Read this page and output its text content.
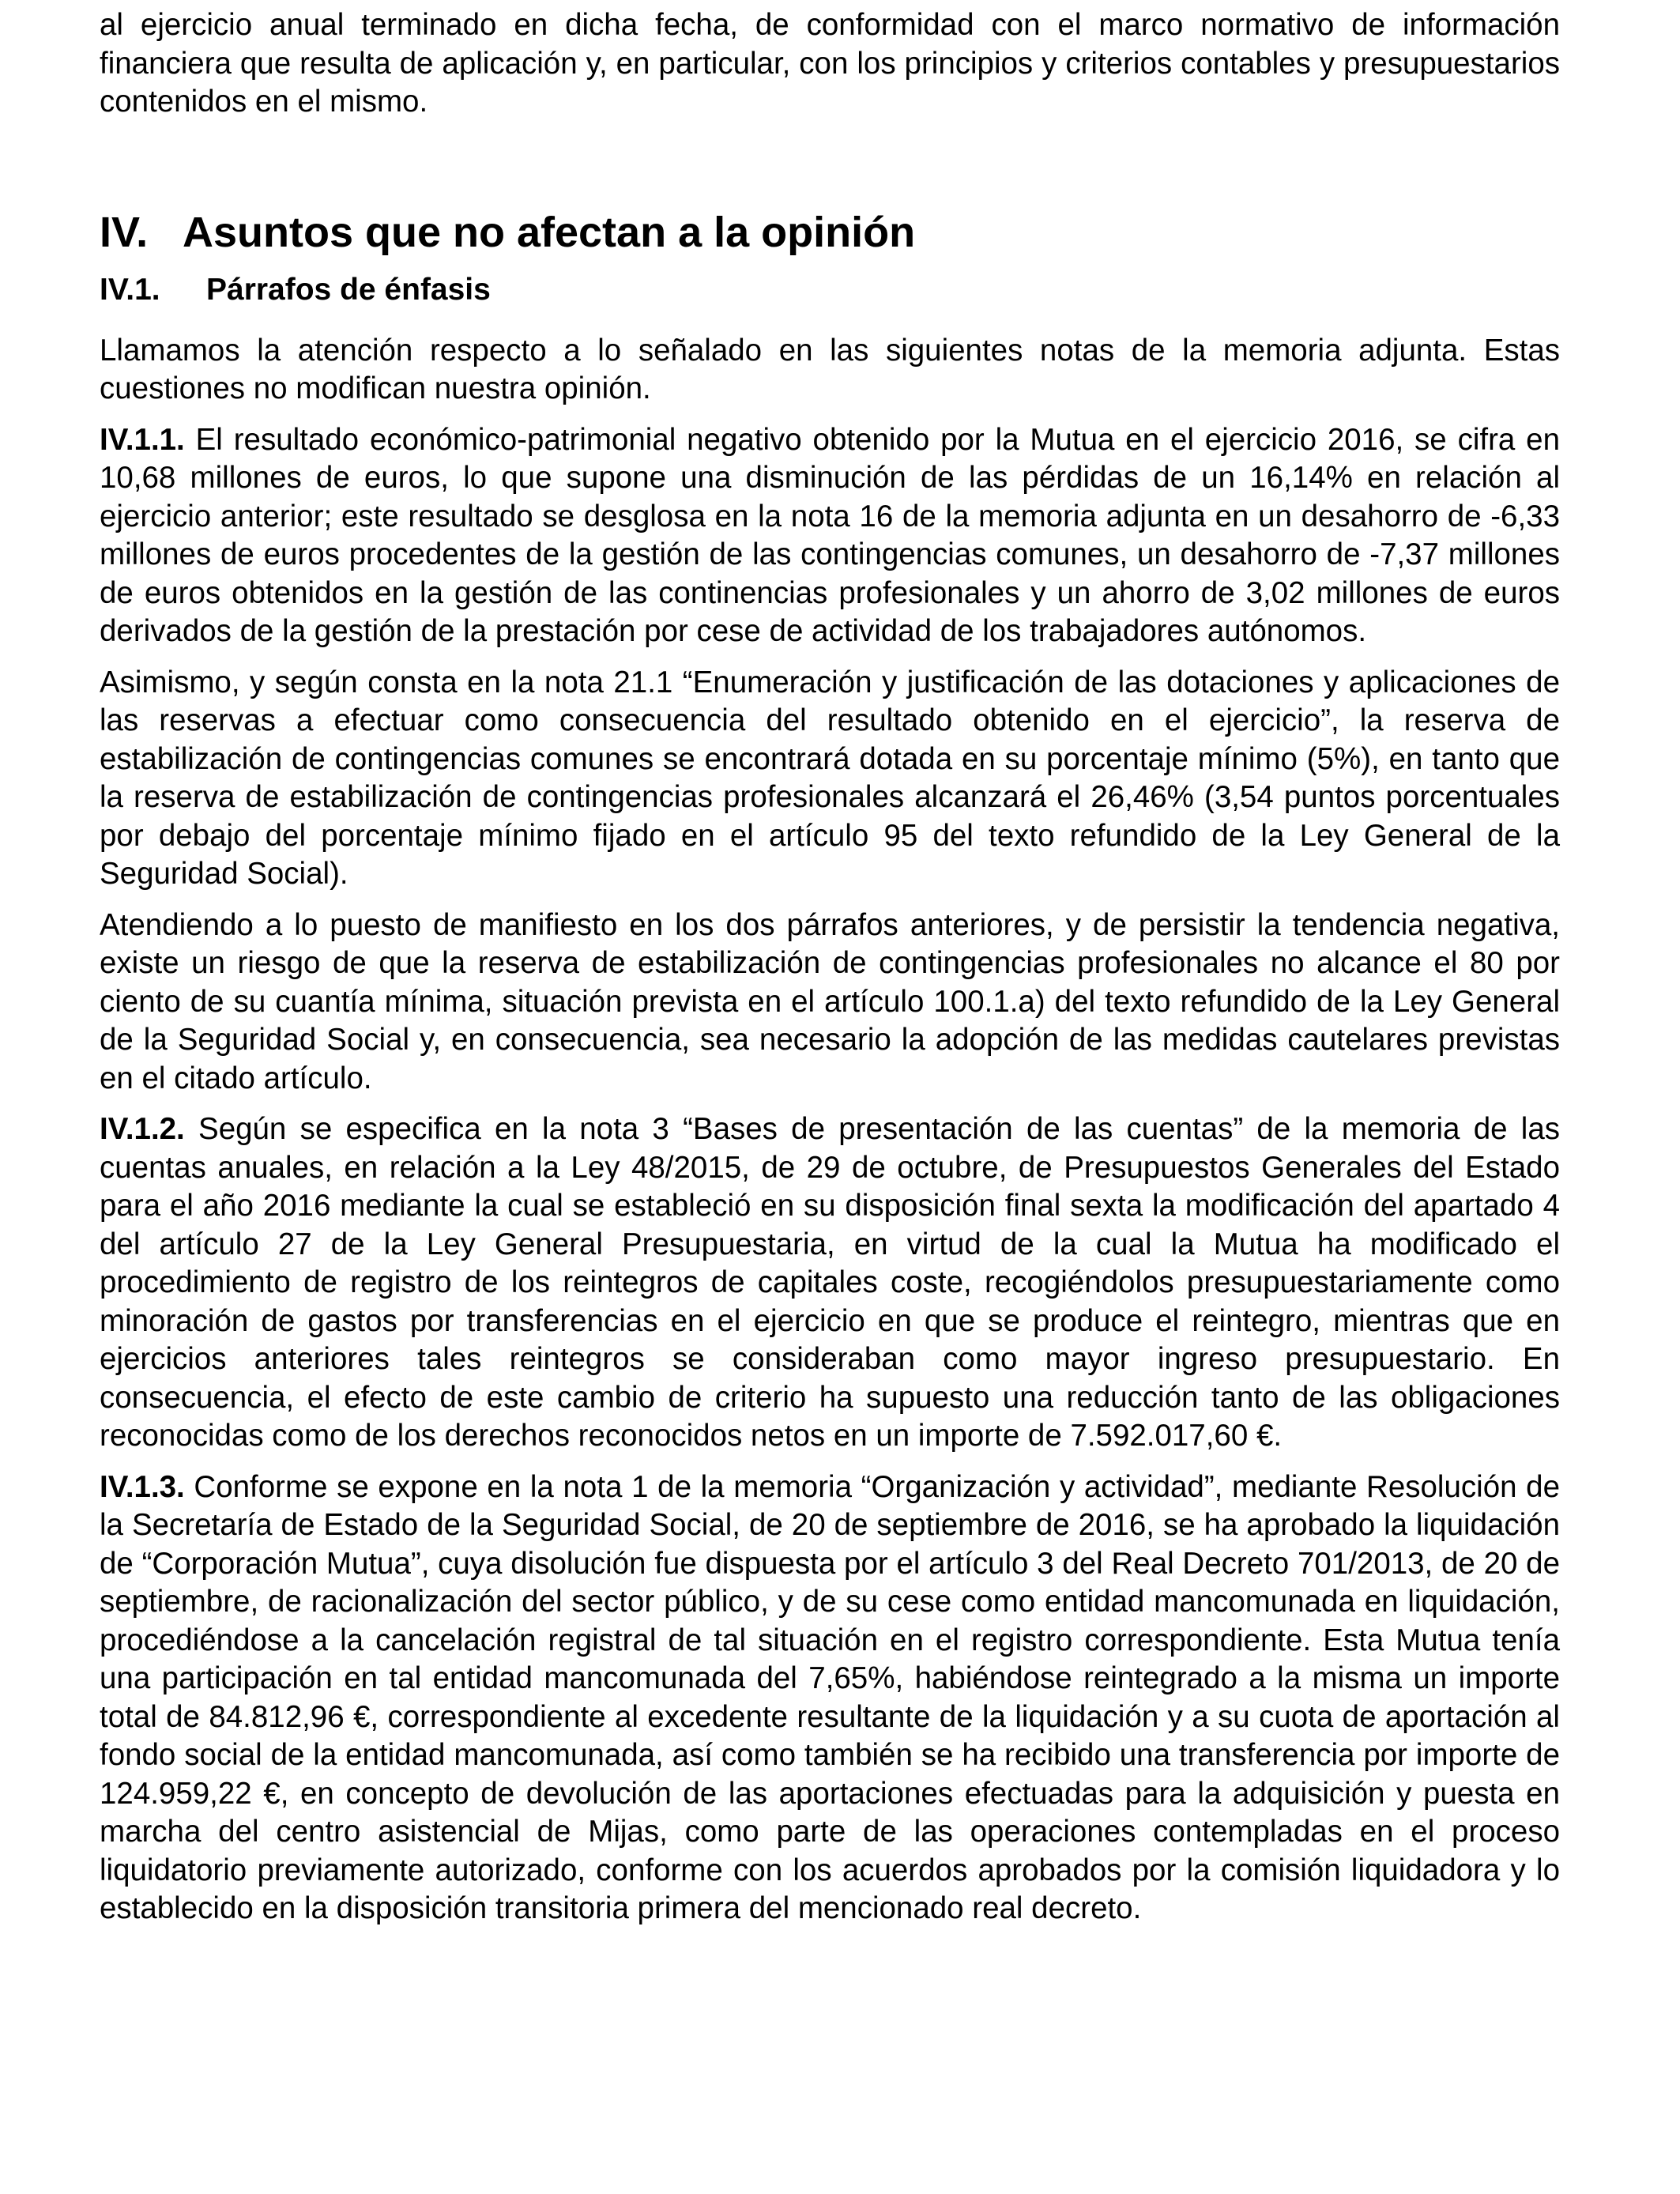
al ejercicio anual terminado en dicha fecha, de conformidad con el marco normativo de información financiera que resulta de aplicación y, en particular, con los principios y criterios contables y presupuestarios contenidos en el mismo.

IV. Asuntos que no afectan a la opinión
IV.1.	Párrafos de énfasis

Llamamos la atención respecto a lo señalado en las siguientes notas de la memoria adjunta. Estas cuestiones no modifican nuestra opinión.

IV.1.1. El resultado económico-patrimonial negativo obtenido por la Mutua en el ejercicio 2016, se cifra en 10,68 millones de euros, lo que supone una disminución de las pérdidas de un 16,14% en relación al ejercicio anterior; este resultado se desglosa en la nota 16 de la memoria adjunta en un desahorro de -6,33 millones de euros procedentes de la gestión de las contingencias comunes, un desahorro de -7,37 millones de euros obtenidos en la gestión de las continencias profesionales y un ahorro de 3,02 millones de euros derivados de la gestión de la prestación por cese de actividad de los trabajadores autónomos.

Asimismo, y según consta en la nota 21.1 “Enumeración y justificación de las dotaciones y aplicaciones de las reservas a efectuar como consecuencia del resultado obtenido en el ejercicio”, la reserva de estabilización de contingencias comunes se encontrará dotada en su porcentaje mínimo (5%), en tanto que la reserva de estabilización de contingencias profesionales alcanzará el 26,46% (3,54 puntos porcentuales por debajo del porcentaje mínimo fijado en el artículo 95 del texto refundido de la Ley General de la Seguridad Social).

Atendiendo a lo puesto de manifiesto en los dos párrafos anteriores, y de persistir la tendencia negativa, existe un riesgo de que la reserva de estabilización de contingencias profesionales no alcance el 80 por ciento de su cuantía mínima, situación prevista en el artículo 100.1.a) del texto refundido de la Ley General de la Seguridad Social y, en consecuencia, sea necesario la adopción de las medidas cautelares previstas en el citado artículo.

IV.1.2. Según se especifica en la nota 3 “Bases de presentación de las cuentas” de la memoria de las cuentas anuales, en relación a la Ley 48/2015, de 29 de octubre, de Presupuestos Generales del Estado para el año 2016 mediante la cual se estableció en su disposición final sexta la modificación del apartado 4 del artículo 27 de la Ley General Presupuestaria, en virtud de la cual la Mutua ha modificado el procedimiento de registro de los reintegros de capitales coste, recogiéndolos presupuestariamente como minoración de gastos por transferencias en el ejercicio en que se produce el reintegro, mientras que en ejercicios anteriores tales reintegros se consideraban como mayor ingreso presupuestario. En consecuencia, el efecto de este cambio de criterio ha supuesto una reducción tanto de las obligaciones reconocidas como de los derechos reconocidos netos en un importe de 7.592.017,60 €.

IV.1.3. Conforme se expone en la nota 1 de la memoria “Organización y actividad”, mediante Resolución de la Secretaría de Estado de la Seguridad Social, de 20 de septiembre de 2016, se ha aprobado la liquidación de “Corporación Mutua”, cuya disolución fue dispuesta por el artículo 3 del Real Decreto 701/2013, de 20 de septiembre, de racionalización del sector público, y de su cese como entidad mancomunada en liquidación, procediéndose a la cancelación registral de tal situación en el registro correspondiente. Esta Mutua tenía una participación en tal entidad mancomunada del 7,65%, habiéndose reintegrado a la misma un importe total de 84.812,96 €, correspondiente al excedente resultante de la liquidación y a su cuota de aportación al fondo social de la entidad mancomunada, así como también se ha recibido una transferencia por importe de 124.959,22 €, en concepto de devolución de las aportaciones efectuadas para la adquisición y puesta en marcha del centro asistencial de Mijas, como parte de las operaciones contempladas en el proceso liquidatorio previamente autorizado, conforme con los acuerdos aprobados por la comisión liquidadora y lo establecido en la disposición transitoria primera del mencionado real decreto.
